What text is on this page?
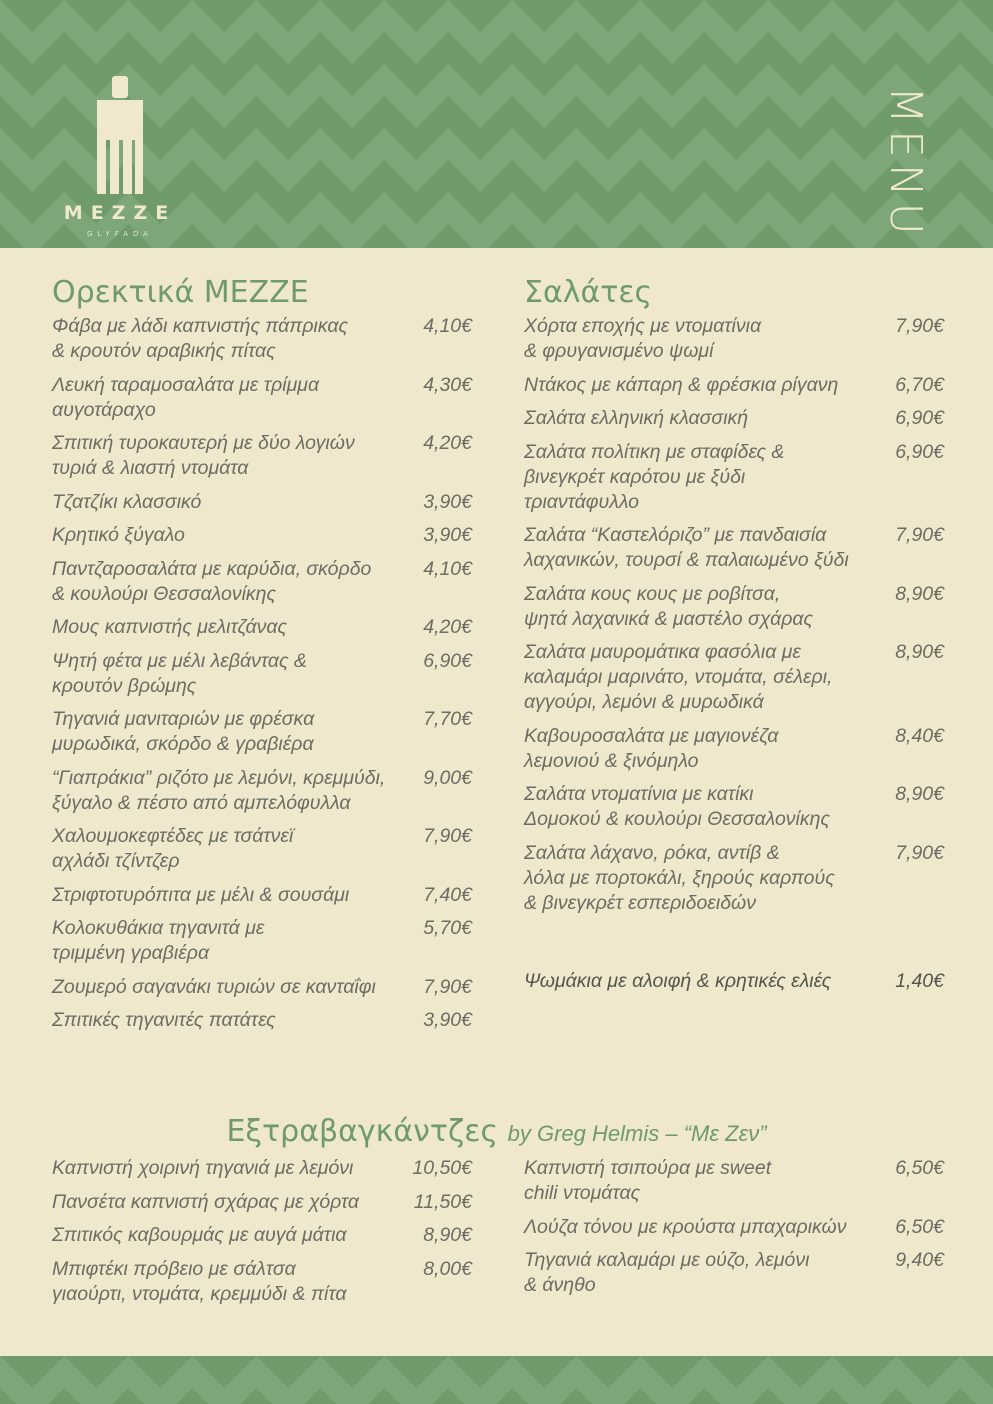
MEZZE
GLYFADA	MENU
Ορεκτικά MEZZE
Φάβα με λάδι καπνιστής πάπρικας
& κρουτόν αραβικής πίτας
4,10€
Λευκή ταραμοσαλάτα με τρίμμα
αυγοτάραχο
4,30€
Σπιτική τυροκαυτερή με δύο λογιών
τυριά & λιαστή ντομάτα
4,20€
Τζατζίκι κλασσικό	3,90€
Κρητικό ξύγαλο	3,90€
Παντζαροσαλάτα με καρύδια, σκόρδο
& κουλούρι Θεσσαλονίκης
4,10€
Μους καπνιστής μελιτζάνας	4,20€
Ψητή φέτα με μέλι λεβάντας &
κρουτόν βρώμης
6,90€
Τηγανιά μανιταριών με φρέσκα
μυρωδικά, σκόρδο & γραβιέρα
7,70€
“Γιαπράκια” ριζότο με λεμόνι, κρεμμύδι,
ξύγαλο & πέστο από αμπελόφυλλα
9,00€
Χαλουμοκεφτέδες με τσάτνεϊ
αχλάδι τζίντζερ
7,90€
Στριφτοτυρόπιτα με μέλι & σουσάμι	7,40€
Κολοκυθάκια τηγανιτά με
τριμμένη γραβιέρα
5,70€
Ζουμερό σαγανάκι τυριών σε κανταΐφι	7,90€
Σπιτικές τηγανιτές πατάτες	3,90€
Σαλάτες
Χόρτα εποχής με ντοματίνια
& φρυγανισμένο ψωμί
7,90€
Ντάκος με κάπαρη & φρέσκια ρίγανη	6,70€
Σαλάτα ελληνική κλασσική	6,90€
Σαλάτα πολίτικη με σταφίδες &
βινεγκρέτ καρότου με ξύδι
τριαντάφυλλο
6,90€
Σαλάτα “Καστελόριζο” με πανδαισία
λαχανικών, τουρσί & παλαιωμένο ξύδι
7,90€
Σαλάτα κους κους με ροβίτσα,
ψητά λαχανικά & μαστέλο σχάρας
8,90€
Σαλάτα μαυρομάτικα φασόλια με
καλαμάρι μαρινάτο, ντομάτα, σέλερι,
αγγούρι, λεμόνι & μυρωδικά
8,90€
Καβουροσαλάτα με μαγιονέζα
λεμονιού & ξινόμηλο
8,40€
Σαλάτα ντοματίνια με κατίκι
Δομοκού & κουλούρι Θεσσαλονίκης
8,90€
Σαλάτα λάχανο, ρόκα, αντίβ &
λόλα με πορτοκάλι, ξηρούς καρπούς
& βινεγκρέτ εσπεριδοειδών
7,90€
Ψωμάκια με αλοιφή & κρητικές ελιές	1,40€
Εξτραβαγκάντζες by Greg Helmis – “Με Ζεν”
Καπνιστή χοιρινή τηγανιά με λεμόνι	10,50€
Πανσέτα καπνιστή σχάρας με χόρτα	11,50€
Σπιτικός καβουρμάς με αυγά μάτια	8,90€
Μπιφτέκι πρόβειο με σάλτσα
γιαούρτι, ντομάτα, κρεμμύδι & πίτα
8,00€
Καπνιστή τσιπούρα με sweet
chili ντομάτας
6,50€
Λούζα τόνου με κρούστα μπαχαρικών	6,50€
Τηγανιά καλαμάρι με ούζο, λεμόνι
& άνηθο
9,40€
